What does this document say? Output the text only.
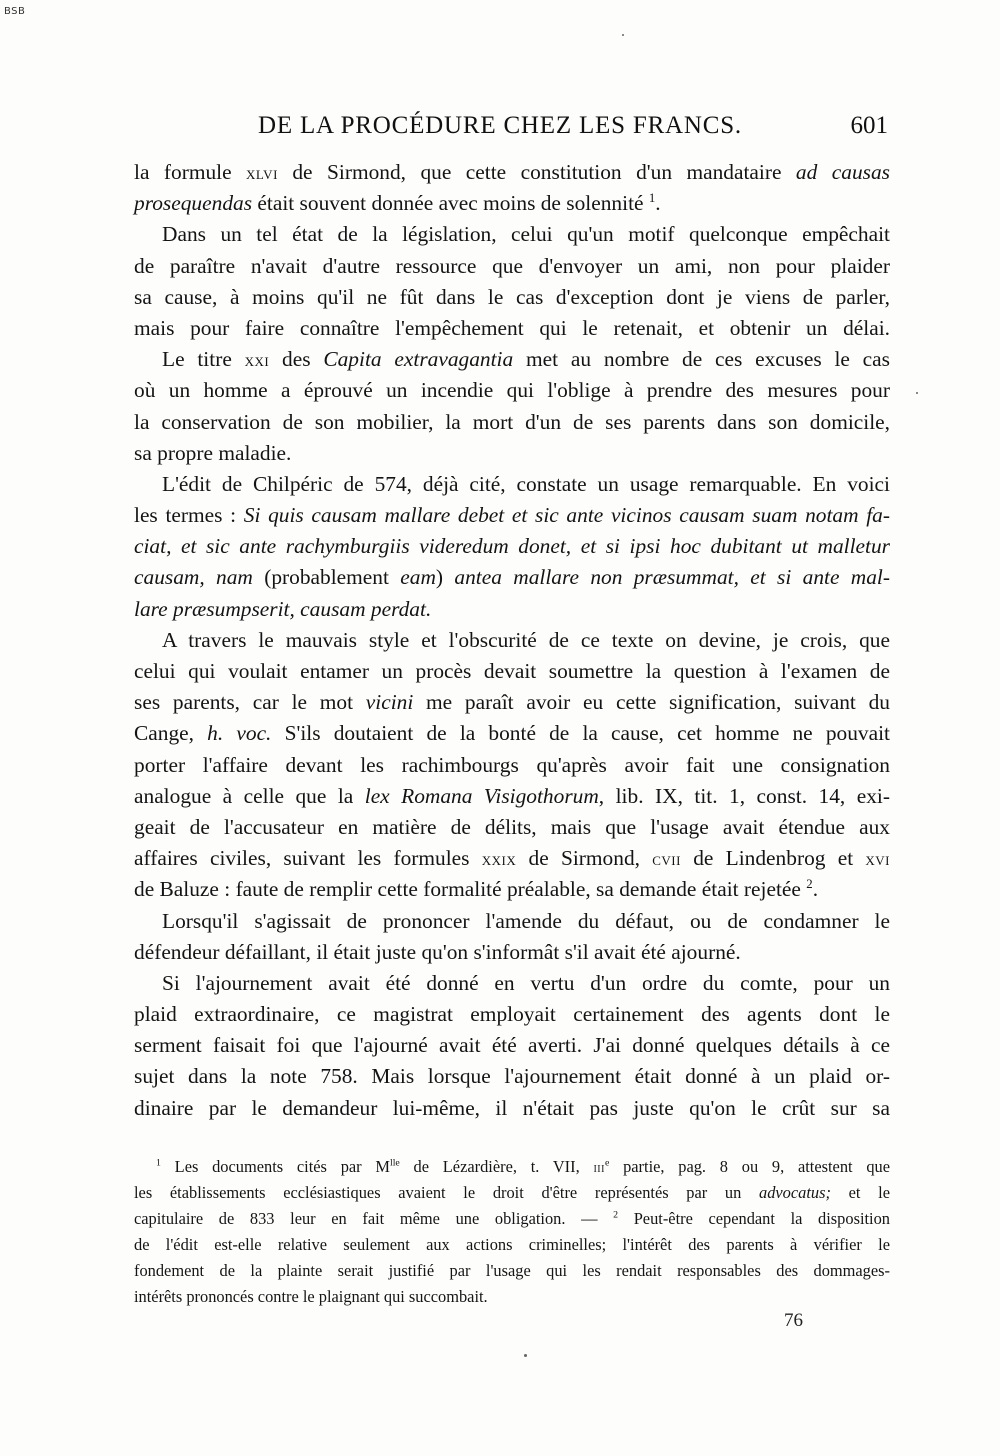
BSB
DE LA PROCÉDURE CHEZ LES FRANCS.	601
la formule xlvi de Sirmond, que cette constitution d'un mandataire ad causas
prosequendas était souvent donnée avec moins de solennité $^1$.
Dans un tel état de la législation, celui qu'un motif quelconque empêchait
de paraître n'avait d'autre ressource que d'envoyer un ami, non pour plaider
sa cause, à moins qu'il ne fût dans le cas d'exception dont je viens de parler,
mais pour faire connaître l'empêchement qui le retenait, et obtenir un délai.
Le titre xxi des Capita extravagantia met au nombre de ces excuses le cas
où un homme a éprouvé un incendie qui l'oblige à prendre des mesures pour
la conservation de son mobilier, la mort d'un de ses parents dans son domicile,
sa propre maladie.
L'édit de Chilpéric de 574, déjà cité, constate un usage remarquable. En voici
les termes : Si quis causam mallare debet et sic ante vicinos causam suam notam fa-
ciat, et sic ante rachymburgiis videredum donet, et si ipsi hoc dubitant ut malletur
causam, nam (probablement eam) antea mallare non præsummat, et si ante mal-
lare præsumpserit, causam perdat.
A travers le mauvais style et l'obscurité de ce texte on devine, je crois, que
celui qui voulait entamer un procès devait soumettre la question à l'examen de
ses parents, car le mot vicini me paraît avoir eu cette signification, suivant du
Cange, h. voc. S'ils doutaient de la bonté de la cause, cet homme ne pouvait
porter l'affaire devant les rachimbourgs qu'après avoir fait une consignation
analogue à celle que la lex Romana Visigothorum, lib. IX, tit. 1, const. 14, exi-
geait de l'accusateur en matière de délits, mais que l'usage avait étendue aux
affaires civiles, suivant les formules xxix de Sirmond, cvii de Lindenbrog et xvi
de Baluze : faute de remplir cette formalité préalable, sa demande était rejetée $^2$.
Lorsqu'il s'agissait de prononcer l'amende du défaut, ou de condamner le
défendeur défaillant, il était juste qu'on s'informât s'il avait été ajourné.
Si l'ajournement avait été donné en vertu d'un ordre du comte, pour un
plaid extraordinaire, ce magistrat employait certainement des agents dont le
serment faisait foi que l'ajourné avait été averti. J'ai donné quelques détails à ce
sujet dans la note 758. Mais lorsque l'ajournement était donné à un plaid or-
dinaire par le demandeur lui-même, il n'était pas juste qu'on le crût sur sa
$^1$ Les documents cités par $M^{lle}$ de Lézardière, t. VII, iii$^e$ partie, pag. 8 ou 9, attestent que
les établissements ecclésiastiques avaient le droit d'être représentés par un advocatus; et le
capitulaire de 833 leur en fait même une obligation. — $^2$ Peut-être cependant la disposition
de l'édit est-elle relative seulement aux actions criminelles; l'intérêt des parents à vérifier le
fondement de la plainte serait justifié par l'usage qui les rendait responsables des dommages-
intérêts prononcés contre le plaignant qui succombait.
76
